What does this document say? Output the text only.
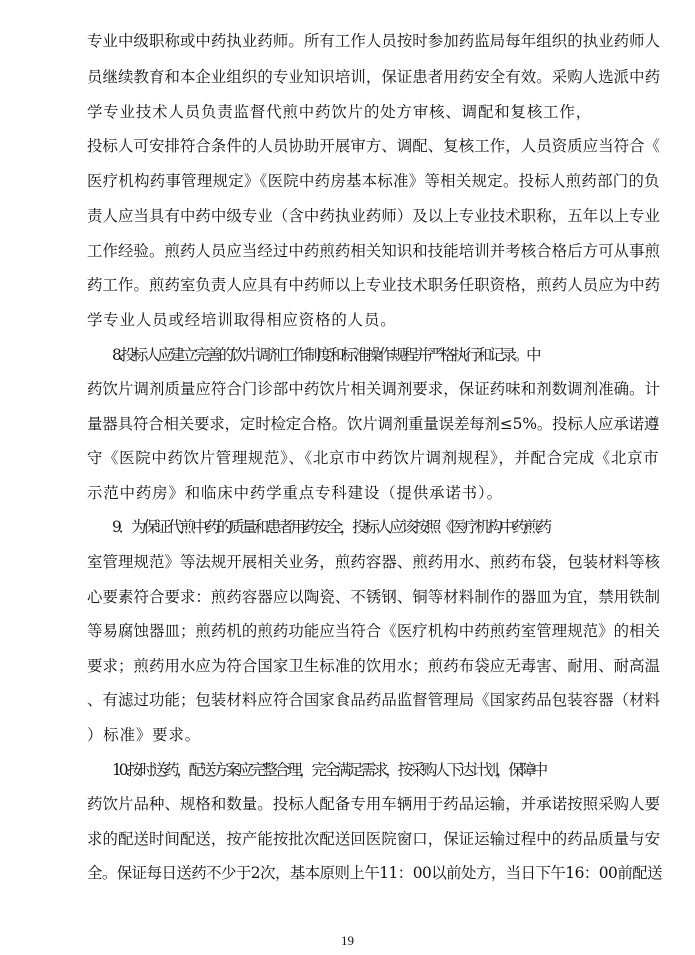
专业中级职称或中药执业药师。所有工作人员按时参加药监局每年组织的执业药师人
员继续教育和本企业组织的专业知识培训，保证患者用药安全有效。采购人选派中药
学专业技术人员负责监督代煎中药饮片的处方审核、调配和复核工作，
投标人可安排符合条件的人员协助开展审方、调配、复核工作，人员资质应当符合《
医疗机构药事管理规定》《医院中药房基本标准》等相关规定。投标人煎药部门的负
责人应当具有中药中级专业（含中药执业药师）及以上专业技术职称，五年以上专业
工作经验。煎药人员应当经过中药煎药相关知识和技能培训并考核合格后方可从事煎
药工作。煎药室负责人应具有中药师以上专业技术职务任职资格，煎药人员应为中药
学专业人员或经培训取得相应资格的人员。
8.投标人应建立完善的饮片调剂工作制度和标准操作规程并严格执行和记录。中
药饮片调剂质量应符合门诊部中药饮片相关调剂要求，保证药味和剂数调剂准确。计
量器具符合相关要求，定时检定合格。饮片调剂重量误差每剂≤5%。投标人应承诺遵
守《医院中药饮片管理规范》、《北京市中药饮片调剂规程》，并配合完成《北京市
示范中药房》和临床中药学重点专科建设（提供承诺书）。
9．为保证代煎中药的质量和患者用药安全，投标人应该按照《医疗机构中药煎药
室管理规范》等法规开展相关业务，煎药容器、煎药用水、煎药布袋，包装材料等核
心要素符合要求：煎药容器应以陶瓷、不锈钢、铜等材料制作的器皿为宜，禁用铁制
等易腐蚀器皿；煎药机的煎药功能应当符合《医疗机构中药煎药室管理规范》的相关
要求；煎药用水应为符合国家卫生标准的饮用水；煎药布袋应无毒害、耐用、耐高温
、有滤过功能；包装材料应符合国家食品药品监督管理局《国家药品包装容器（材料
）标准》要求。
10.按时送药，配送方案应完整合理，完全满足需求，按采购人下达计划，保障中
药饮片品种、规格和数量。投标人配备专用车辆用于药品运输，并承诺按照采购人要
求的配送时间配送，按产能按批次配送回医院窗口，保证运输过程中的药品质量与安
全。保证每日送药不少于2次，基本原则上午11：00以前处方，当日下午16：00前配送
19
